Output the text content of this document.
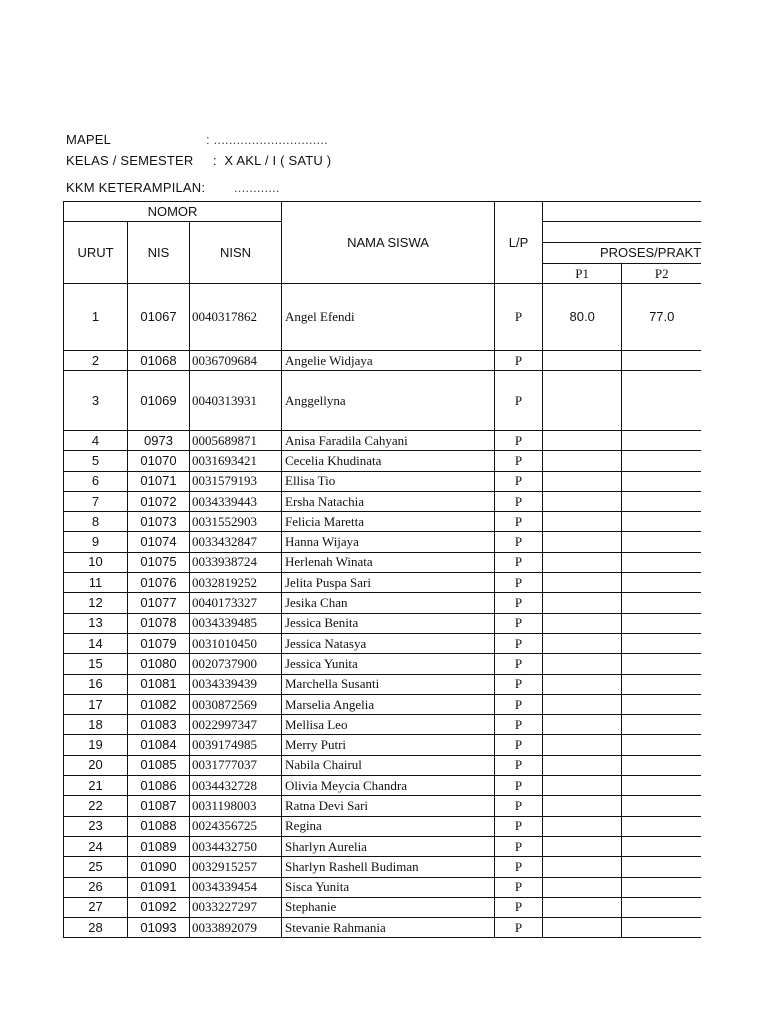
MAPEL	: ..............................
KELAS / SEMESTER :  X AKL / I ( SATU )
KKM KETERAMPILAN: ............
NOMOR			NAMA SISWA	L/P		
URUT	NIS	NISN				
					PROSES/PRAKT	
					P1	P2
1	01067	0040317862	Angel Efendi	P	80.0	77.0
2	01068	0036709684	Angelie Widjaya	P		
3	01069	0040313931	Anggellyna	P		
4	0973	0005689871	Anisa Faradila Cahyani	P		
5	01070	0031693421	Cecelia Khudinata	P		
6	01071	0031579193	Ellisa Tio	P		
7	01072	0034339443	Ersha Natachia	P		
8	01073	0031552903	Felicia Maretta	P		
9	01074	0033432847	Hanna Wijaya	P		
10	01075	0033938724	Herlenah Winata	P		
11	01076	0032819252	Jelita Puspa Sari	P		
12	01077	0040173327	Jesika Chan	P		
13	01078	0034339485	Jessica Benita	P		
14	01079	0031010450	Jessica Natasya	P		
15	01080	0020737900	Jessica Yunita	P		
16	01081	0034339439	Marchella Susanti	P		
17	01082	0030872569	Marselia Angelia	P		
18	01083	0022997347	Mellisa Leo	P		
19	01084	0039174985	Merry Putri	P		
20	01085	0031777037	Nabila Chairul	P		
21	01086	0034432728	Olivia Meycia Chandra	P		
22	01087	0031198003	Ratna Devi Sari	P		
23	01088	0024356725	Regina	P		
24	01089	0034432750	Sharlyn Aurelia	P		
25	01090	0032915257	Sharlyn Rashell Budiman	P		
26	01091	0034339454	Sisca Yunita	P		
27	01092	0033227297	Stephanie	P		
28	01093	0033892079	Stevanie Rahmania	P		
